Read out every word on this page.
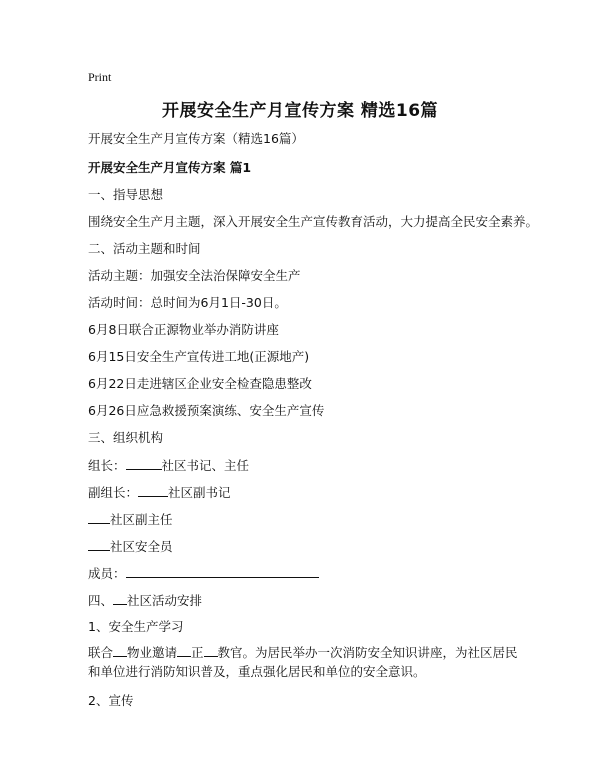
Print
开展安全生产月宣传方案 精选16篇
开展安全生产月宣传方案（精选16篇）
开展安全生产月宣传方案 篇1
一、指导思想
围绕安全生产月主题，深入开展安全生产宣传教育活动，大力提高全民安全素养。
二、活动主题和时间
活动主题：加强安全法治保障安全生产
活动时间：总时间为6月1日-30日。
6月8日联合正源物业举办消防讲座
6月15日安全生产宣传进工地(正源地产)
6月22日走进辖区企业安全检查隐患整改
6月26日应急救援预案演练、安全生产宣传
三、组织机构
组长：	社区书记、主任
副组长： 社区副书记
社区副主任
社区安全员
成员：
四、 社区活动安排
1、安全生产学习
联合 物业邀请 正 教官。为居民举办一次消防安全知识讲座，为社区居民和单位进行消防知识普及，重点强化居民和单位的安全意识。
2、宣传
